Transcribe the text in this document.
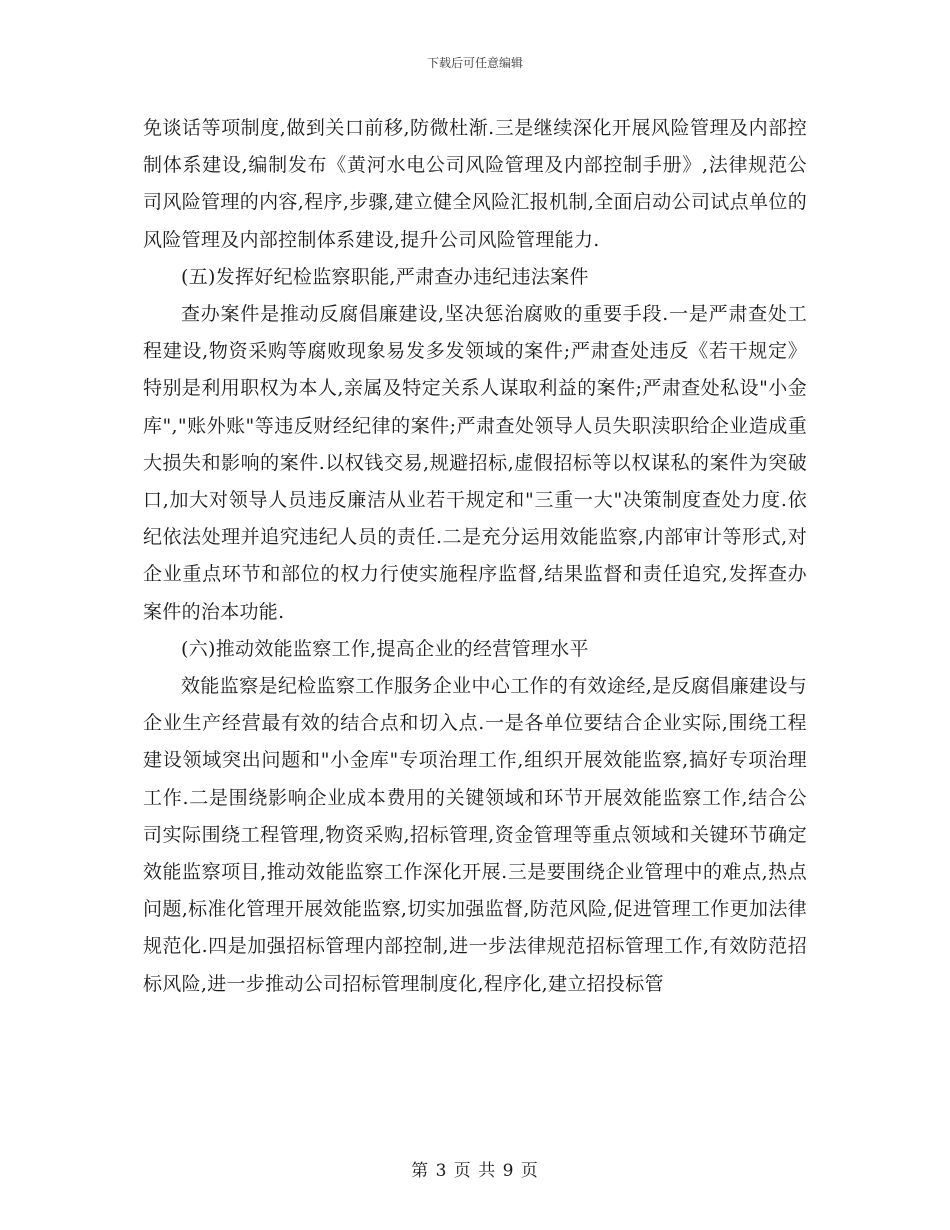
下载后可任意编辑

免谈话等项制度,做到关口前移,防微杜渐.三是继续深化开展风险管理及内部控制体系建设,编制发布《黄河水电公司风险管理及内部控制手册》,法律规范公司风险管理的内容,程序,步骤,建立健全风险汇报机制,全面启动公司试点单位的风险管理及内部控制体系建设,提升公司风险管理能力.

(五)发挥好纪检监察职能,严肃查办违纪违法案件

查办案件是推动反腐倡廉建设,坚决惩治腐败的重要手段.一是严肃查处工程建设,物资采购等腐败现象易发多发领域的案件;严肃查处违反《若干规定》特别是利用职权为本人,亲属及特定关系人谋取利益的案件;严肃查处私设"小金库","账外账"等违反财经纪律的案件;严肃查处领导人员失职渎职给企业造成重大损失和影响的案件.以权钱交易,规避招标,虚假招标等以权谋私的案件为突破口,加大对领导人员违反廉洁从业若干规定和"三重一大"决策制度查处力度.依纪依法处理并追究违纪人员的责任.二是充分运用效能监察,内部审计等形式,对企业重点环节和部位的权力行使实施程序监督,结果监督和责任追究,发挥查办案件的治本功能.

(六)推动效能监察工作,提高企业的经营管理水平

效能监察是纪检监察工作服务企业中心工作的有效途经,是反腐倡廉建设与企业生产经营最有效的结合点和切入点.一是各单位要结合企业实际,围绕工程建设领域突出问题和"小金库"专项治理工作,组织开展效能监察,搞好专项治理工作.二是围绕影响企业成本费用的关键领域和环节开展效能监察工作,结合公司实际围绕工程管理,物资采购,招标管理,资金管理等重点领域和关键环节确定效能监察项目,推动效能监察工作深化开展.三是要围绕企业管理中的难点,热点问题,标准化管理开展效能监察,切实加强监督,防范风险,促进管理工作更加法律规范化.四是加强招标管理内部控制,进一步法律规范招标管理工作,有效防范招标风险,进一步推动公司招标管理制度化,程序化,建立招投标管

第 3 页 共 9 页
